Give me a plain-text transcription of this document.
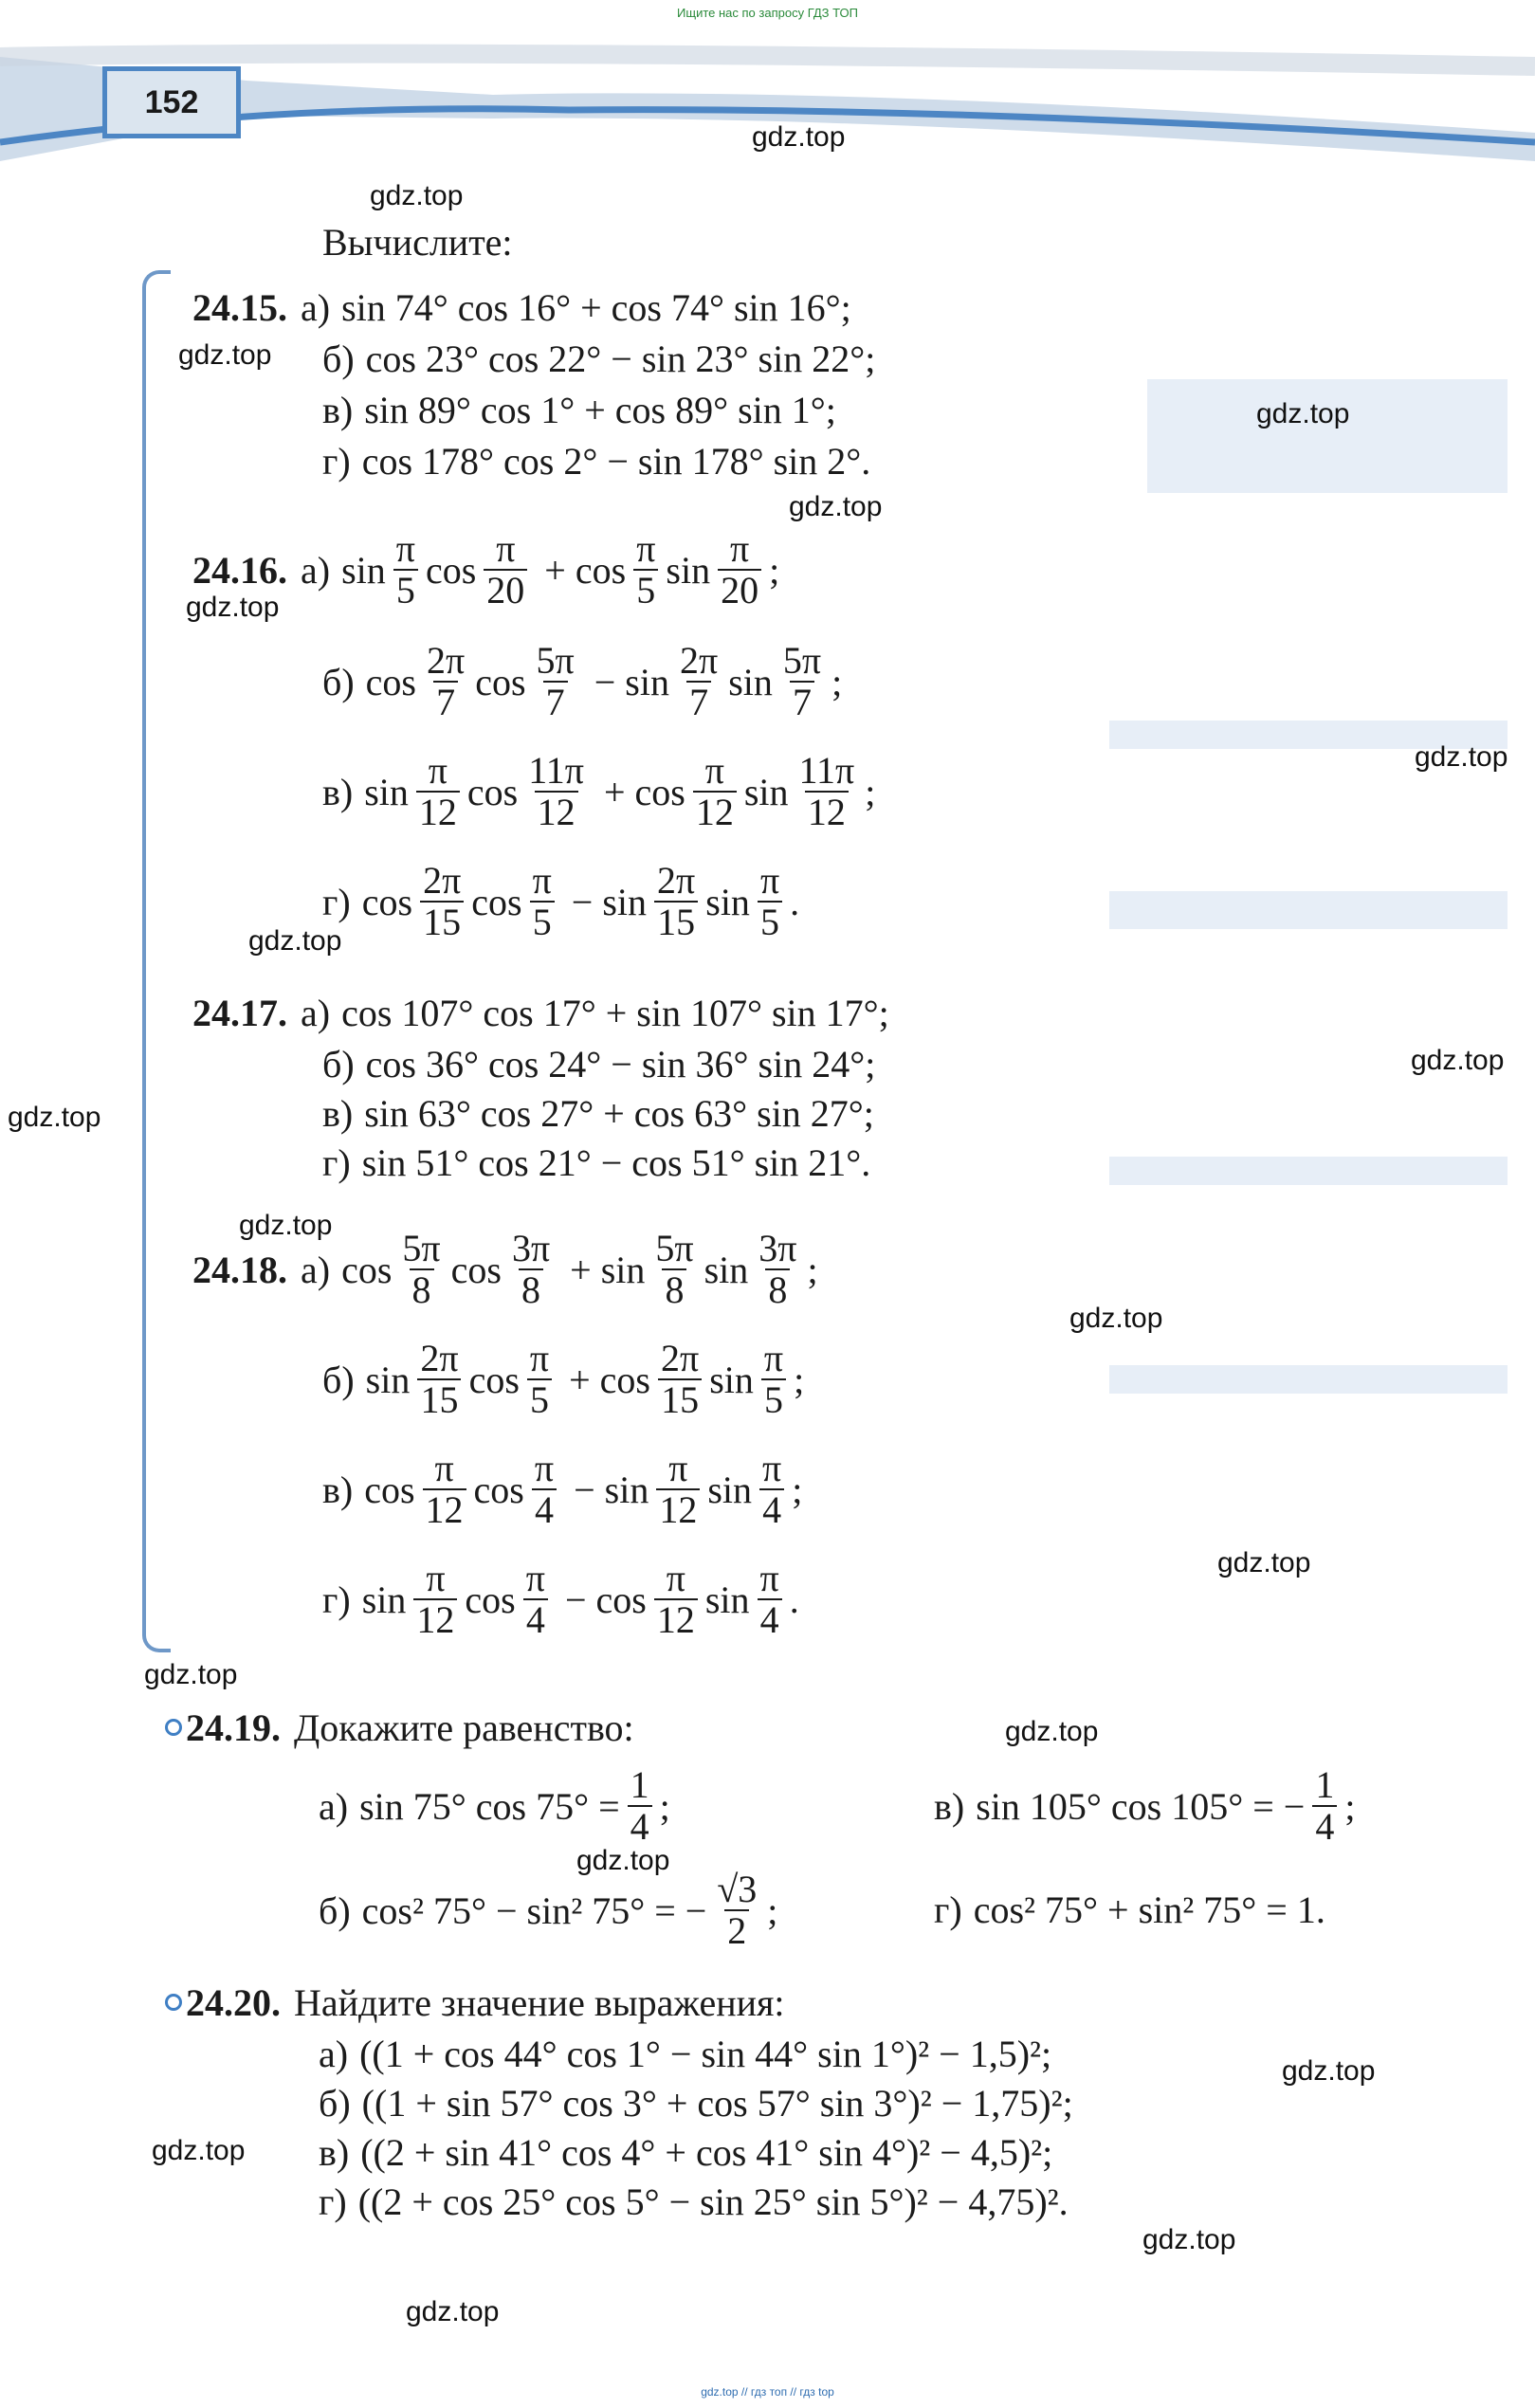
Ищите нас по запросу ГДЗ ТОП
152
Вычислите:
24.15. а) sin 74° cos 16° + cos 74° sin 16°;
б) cos 23° cos 22° − sin 23° sin 22°;
в) sin 89° cos 1° + cos 89° sin 1°;
г) cos 178° cos 2° − sin 178° sin 2°.
24.16. а) $\sin \frac{\pi}{5}$ $\cos \frac{\pi}{20} + \cos \frac{\pi}{5}$ $\sin \frac{\pi}{20}$ ;
б) $\cos \frac{2\pi}{7}$ $\cos \frac{5\pi}{7} - \sin \frac{2\pi}{7}$ $\sin \frac{5\pi}{7}$ ;
в) $\sin \frac{\pi}{12}$ $\cos \frac{11\pi}{12} + \cos \frac{\pi}{12}$ $\sin \frac{11\pi}{12}$ ;
г) $\cos \frac{2\pi}{15}$ $\cos \frac{\pi}{5} - \sin \frac{2\pi}{15}$ $\sin \frac{\pi}{5}$ .
24.17. а) cos 107° cos 17° + sin 107° sin 17°;
б) cos 36° cos 24° − sin 36° sin 24°;
в) sin 63° cos 27° + cos 63° sin 27°;
г) sin 51° cos 21° − cos 51° sin 21°.
24.18. а) $\cos \frac{5\pi}{8}$ $\cos \frac{3\pi}{8} + \sin \frac{5\pi}{8}$ $\sin \frac{3\pi}{8}$ ;
б) $\sin \frac{2\pi}{15}$ $\cos \frac{\pi}{5} + \cos \frac{2\pi}{15}$ $\sin \frac{\pi}{5}$ ;
в) $\cos \frac{\pi}{12}$ $\cos \frac{\pi}{4} - \sin \frac{\pi}{12}$ $\sin \frac{\pi}{4}$ ;
г) $\sin \frac{\pi}{12}$ $\cos \frac{\pi}{4} - \cos \frac{\pi}{12}$ $\sin \frac{\pi}{4}$ .
24.19. Докажите равенство:
а) sin 75° $\cos 75^\circ = \frac{1}{4}$ ;	в) sin 105° cos 105° = − $\frac{1}{4}$ ;
б) cos² 75° − sin² 75° = − $\frac{√3}{2}$ ;	г) cos² 75° + sin² 75° = 1.
24.20. Найдите значение выражения:
а) ((1 + cos 44° cos 1° − sin 44° sin 1°)² − 1,5)²;
б) ((1 + sin 57° cos 3° + cos 57° sin 3°)² − 1,75)²;
в) ((2 + sin 41° cos 4° + cos 41° sin 4°)² − 4,5)²;
г) ((2 + cos 25° cos 5° − sin 25° sin 5°)² − 4,75)².
gdz.top
gdz.top
gdz.top
gdz.top
gdz.top
gdz.top
gdz.top
gdz.top
gdz.top
gdz.top
gdz.top
gdz.top
gdz.top
gdz.top
gdz.top
gdz.top
gdz.top
gdz.top
gdz.top
gdz.top
gdz.top // гдз топ // гдз top
